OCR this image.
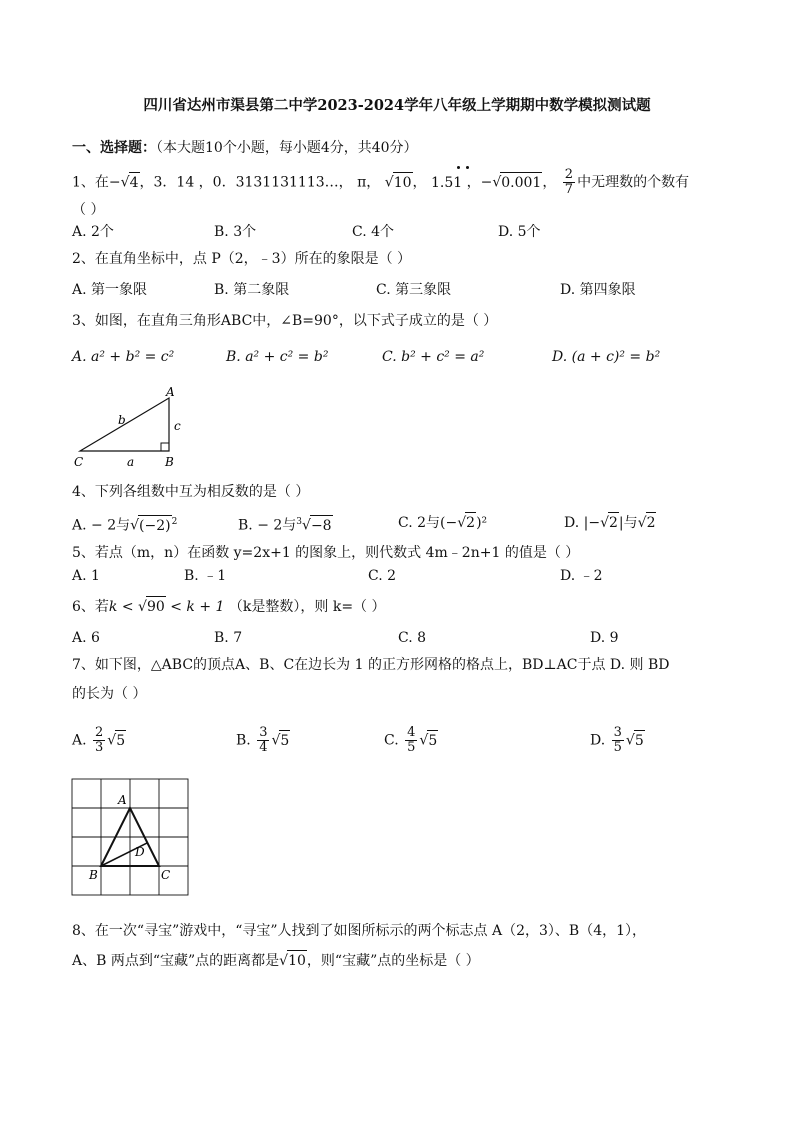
四川省达州市渠县第二中学2023-2024学年八年级上学期期中数学模拟测试题
一、选择题：（本大题10个小题，每小题4分，共40分）
1、在−√4，3．14 ，0．3131131113…， π， √10， 1.51 ，−√0.001， $\frac{2}{7}$ 中无理数的个数有
（ ）
A. 2个	B. 3个	C. 4个	D. 5个
2、在直角坐标中，点 P（2，﹣3）所在的象限是（ ）
A. 第一象限	B. 第二象限	C. 第三象限	D. 第四象限
3、如图，在直角三角形ABC中，∠B=90°，以下式子成立的是（ ）
A. a² + b² = c²	B. a² + c² = b²	C. b² + c² = a²	D. (a + c)² = b²
A
B
C	a
b	c
4、下列各组数中互为相反数的是（ ）
A. − 2与$√(-2)^2$	B. − 2与$^3$√−8	C. 2与(−√2)²	D. |−√2|与√2
5、若点（m，n）在函数 y=2x+1 的图象上，则代数式 4m﹣2n+1 的值是（ ）
A. 1	B. ﹣1	C. 2	D. ﹣2
6、若k < √90 < k + 1 （k是整数），则 k=（ ）
A. 6	B. 7	C. 8	D. 9
7、如下图，△ABC的顶点A、B、C在边长为 1 的正方形网格的格点上，BD⊥AC于点 D. 则 BD
的长为（ ）
A. $\frac{2}{3} √5$	B. $\frac{3}{4} √5$	C. $\frac{4}{5} √5$	D. $\frac{3}{5} √5$
A
B	C
D
8、在一次“寻宝”游戏中，“寻宝”人找到了如图所标示的两个标志点 A（2，3）、B（4，1），
A、B 两点到“宝藏”点的距离都是√10，则“宝藏”点的坐标是（ ）
